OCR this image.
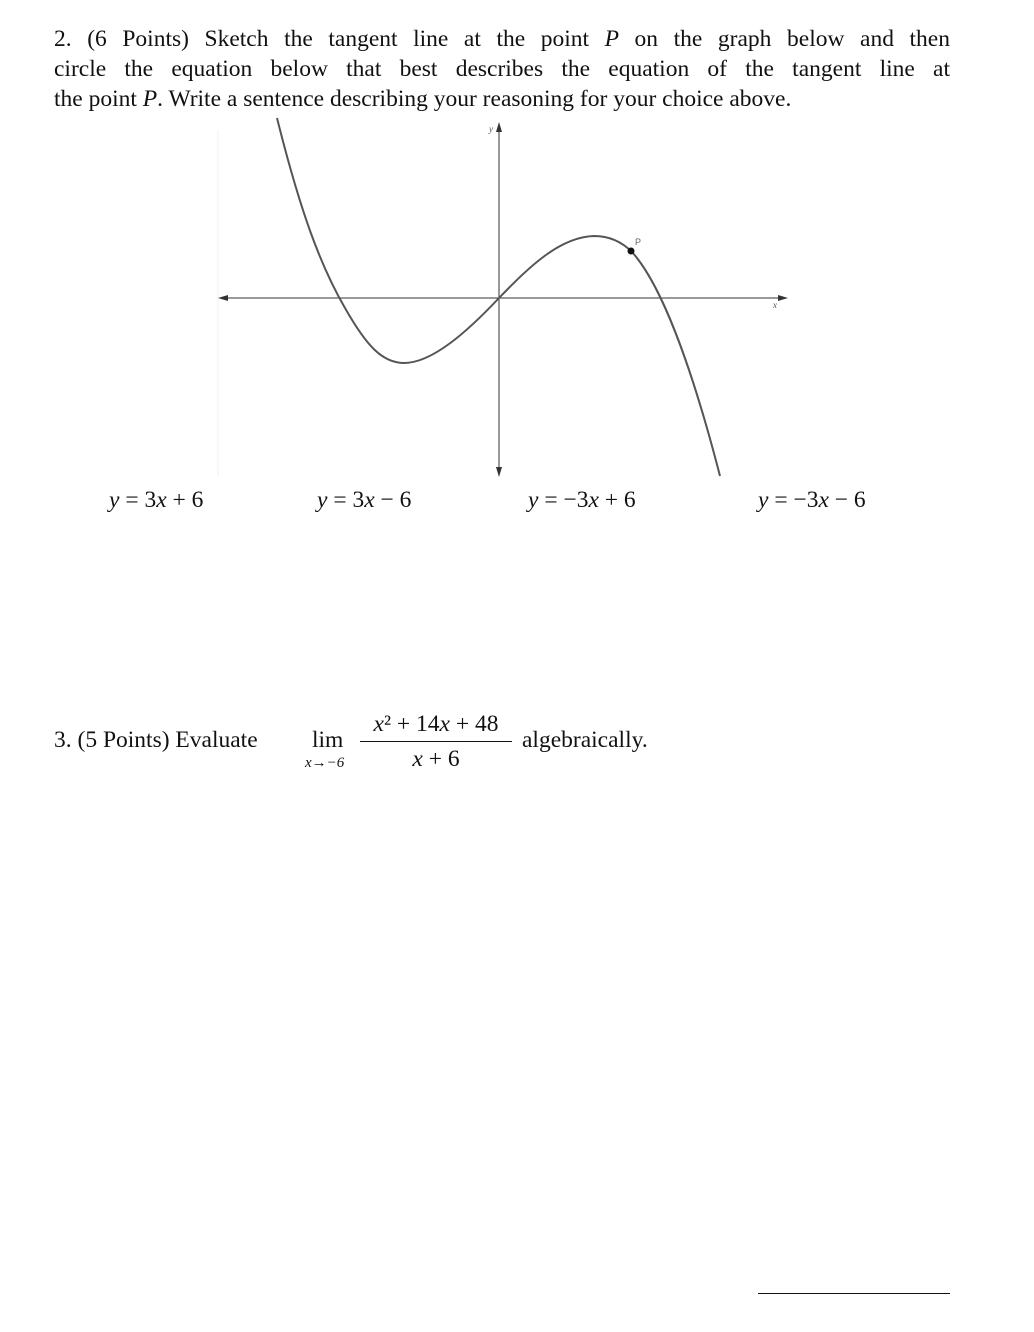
2. (6 Points) Sketch the tangent line at the point P on the graph below and then
circle the equation below that best describes the equation of the tangent line at
the point P. Write a sentence describing your reasoning for your choice above.
y
x
P
y = 3x + 6	y = 3x − 6	y = −3x + 6	y = −3x − 6
3. (5 Points) Evaluate lim
x→−6
x² + 14x + 48
x + 6
algebraically.
